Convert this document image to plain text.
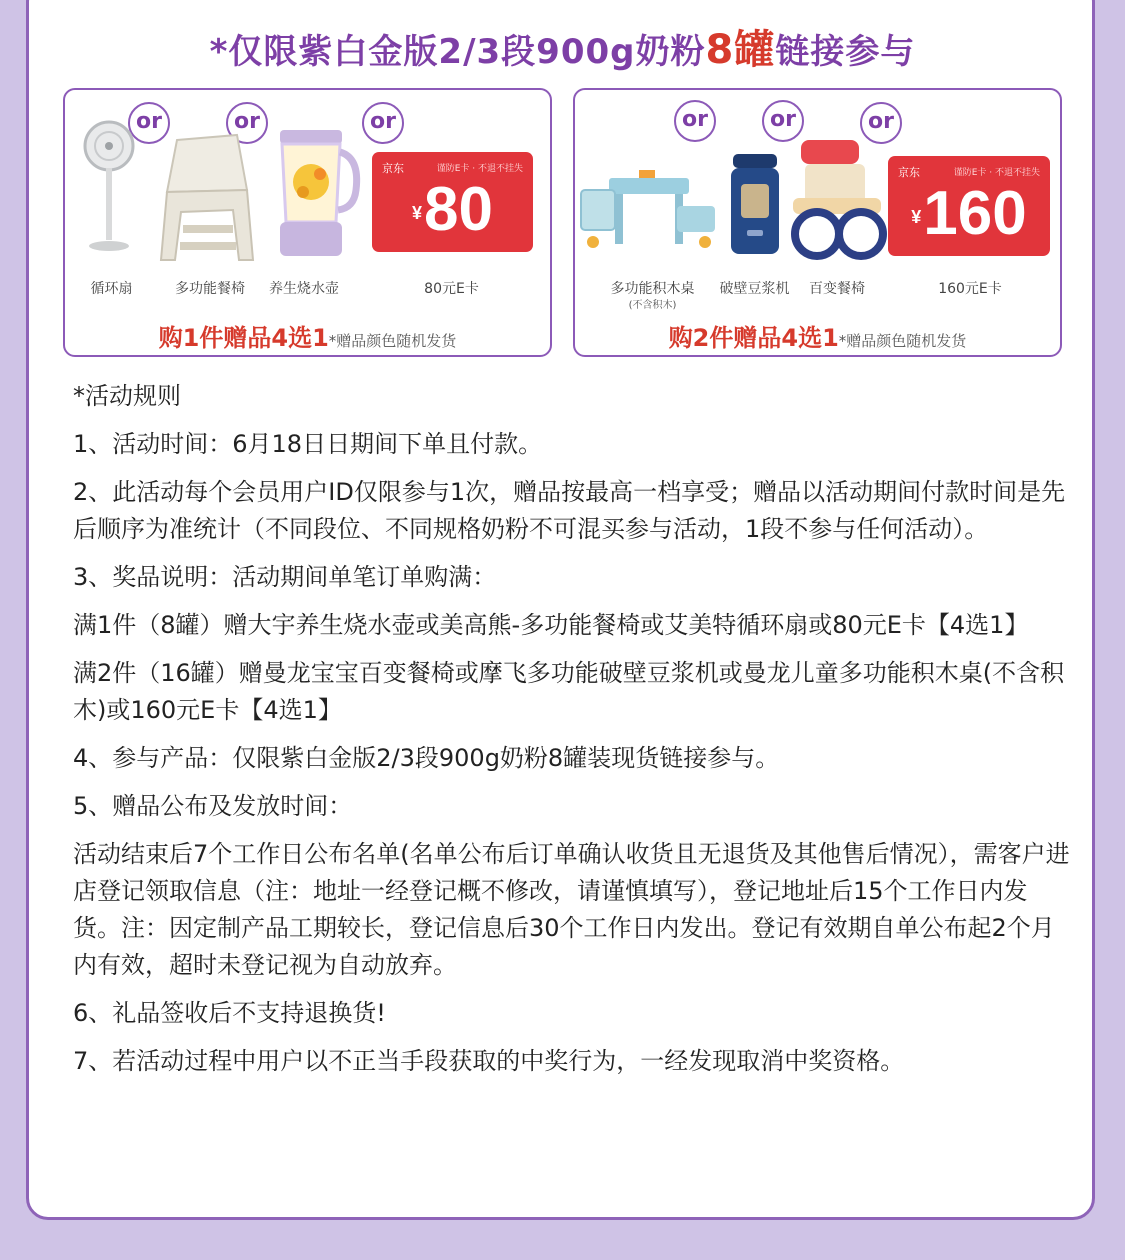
*仅限紫白金版2/3段900g奶粉8罐链接参与
or	or	or
京东	谨防E卡 · 不退不挂失
¥80
循环扇	多功能餐椅	养生烧水壶	80元E卡
购1件赠品4选1*赠品颜色随机发货
or	or	or
京东	谨防E卡 · 不退不挂失
¥160
多功能积木桌
(不含积木)
破壁豆浆机	百变餐椅	160元E卡
购2件赠品4选1*赠品颜色随机发货

*活动规则

1、活动时间：6月18日日期间下单且付款。

2、此活动每个会员用户ID仅限参与1次，赠品按最高一档享受；赠品以活动期间付款时间是先后顺序为准统计（不同段位、不同规格奶粉不可混买参与活动，1段不参与任何活动）。

3、奖品说明：活动期间单笔订单购满：

满1件（8罐）赠大宇养生烧水壶或美高熊-多功能餐椅或艾美特循环扇或80元E卡【4选1】

满2件（16罐）赠曼龙宝宝百变餐椅或摩飞多功能破壁豆浆机或曼龙儿童多功能积木桌(不含积木)或160元E卡【4选1】

4、参与产品：仅限紫白金版2/3段900g奶粉8罐装现货链接参与。

5、赠品公布及发放时间：

活动结束后7个工作日公布名单(名单公布后订单确认收货且无退货及其他售后情况），需客户进店登记领取信息（注：地址一经登记概不修改，请谨慎填写），登记地址后15个工作日内发货。注：因定制产品工期较长，登记信息后30个工作日内发出。登记有效期自单公布起2个月内有效，超时未登记视为自动放弃。

6、礼品签收后不支持退换货!

7、若活动过程中用户以不正当手段获取的中奖行为，一经发现取消中奖资格。
